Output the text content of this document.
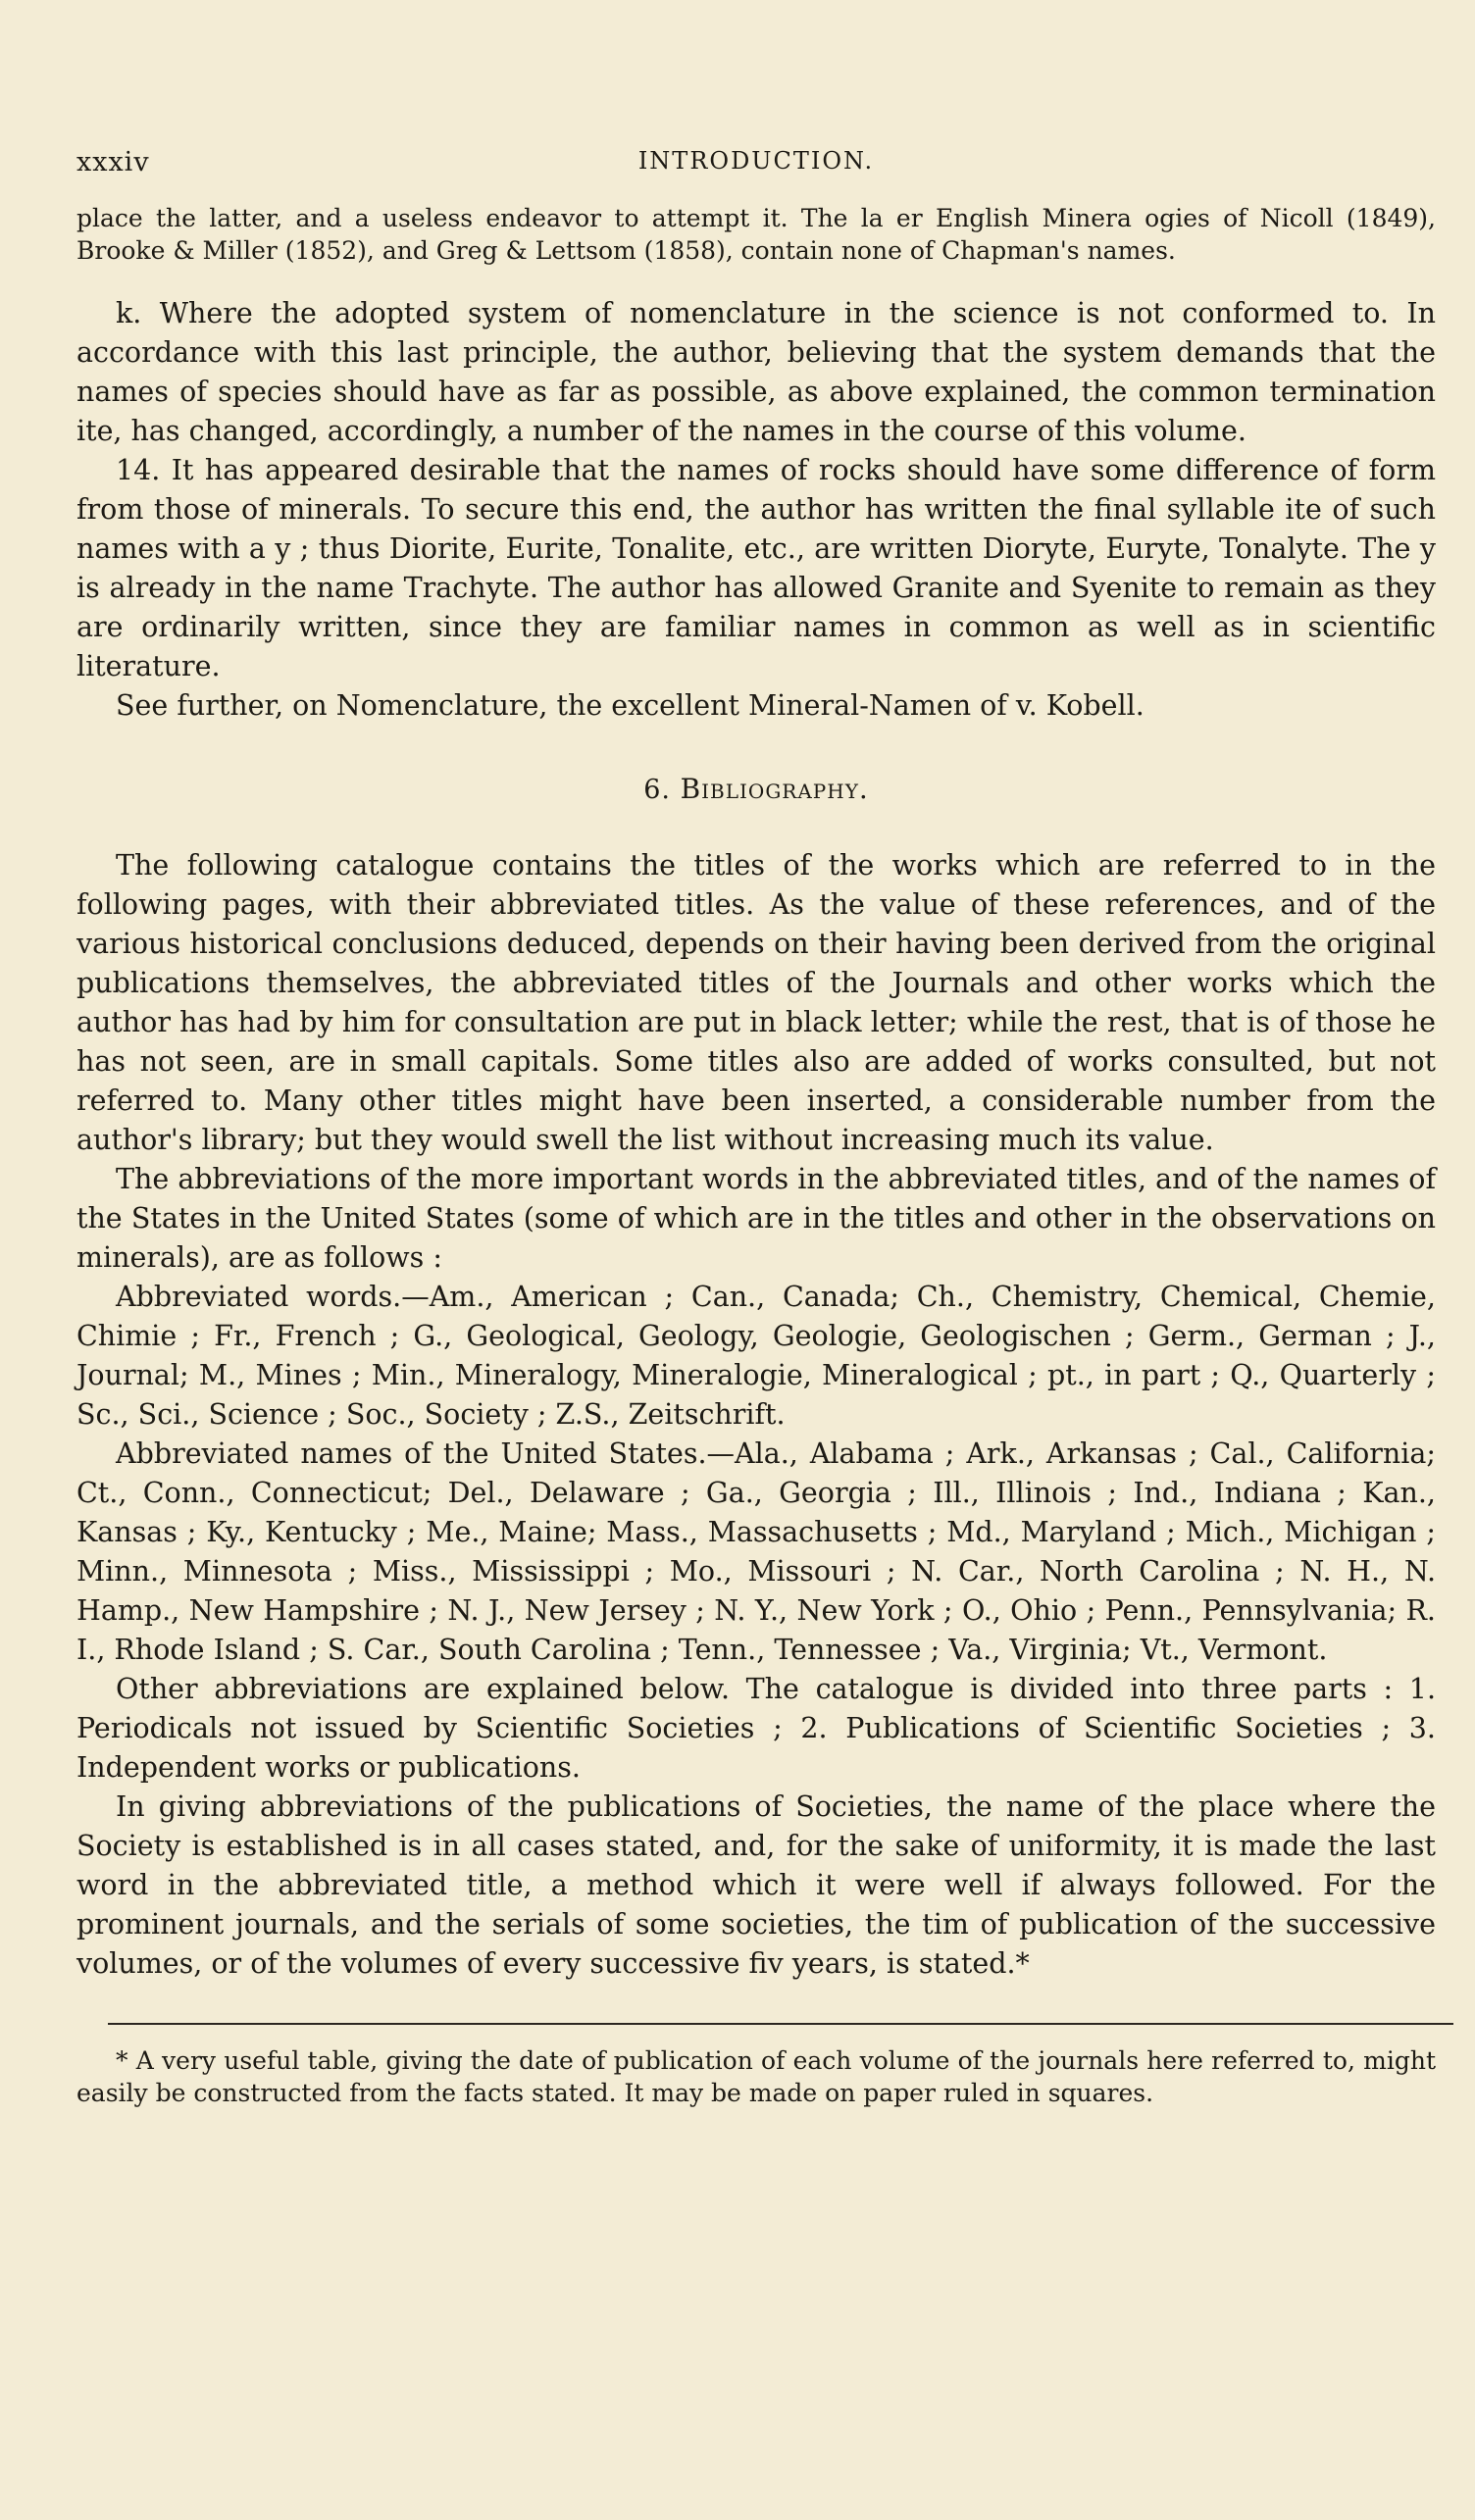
xxxiv	INTRODUCTION.

place the latter, and a useless endeavor to attempt it. The la er English Minera ogies of Nicoll (1849), Brooke & Miller (1852), and Greg & Lettsom (1858), contain none of Chapman's names.

k. Where the adopted system of nomenclature in the science is not conformed to. In accordance with this last principle, the author, believing that the system demands that the names of species should have as far as possible, as above explained, the common termination ite, has changed, accordingly, a number of the names in the course of this volume.

14. It has appeared desirable that the names of rocks should have some difference of form from those of minerals. To secure this end, the author has written the final syllable ite of such names with a y ; thus Diorite, Eurite, Tonalite, etc., are written Dioryte, Euryte, Tonalyte. The y is already in the name Trachyte. The author has allowed Granite and Syenite to remain as they are ordinarily written, since they are familiar names in common as well as in scientific literature.

See further, on Nomenclature, the excellent Mineral-Namen of v. Kobell.

6. Bibliography.

The following catalogue contains the titles of the works which are referred to in the following pages, with their abbreviated titles. As the value of these references, and of the various historical conclusions deduced, depends on their having been derived from the original publications themselves, the abbreviated titles of the Journals and other works which the author has had by him for consultation are put in black letter; while the rest, that is of those he has not seen, are in small capitals. Some titles also are added of works consulted, but not referred to. Many other titles might have been inserted, a considerable number from the author's library; but they would swell the list without increasing much its value.

The abbreviations of the more important words in the abbreviated titles, and of the names of the States in the United States (some of which are in the titles and other in the observations on minerals), are as follows :

Abbreviated words.—Am., American ; Can., Canada; Ch., Chemistry, Chemical, Chemie, Chimie ; Fr., French ; G., Geological, Geology, Geologie, Geologischen ; Germ., German ; J., Journal; M., Mines ; Min., Mineralogy, Mineralogie, Mineralogical ; pt., in part ; Q., Quarterly ; Sc., Sci., Science ; Soc., Society ; Z.S., Zeitschrift.

Abbreviated names of the United States.—Ala., Alabama ; Ark., Arkansas ; Cal., California; Ct., Conn., Connecticut; Del., Delaware ; Ga., Georgia ; Ill., Illinois ; Ind., Indiana ; Kan., Kansas ; Ky., Kentucky ; Me., Maine; Mass., Massachusetts ; Md., Maryland ; Mich., Michigan ; Minn., Minnesota ; Miss., Mississippi ; Mo., Missouri ; N. Car., North Carolina ; N. H., N. Hamp., New Hampshire ; N. J., New Jersey ; N. Y., New York ; O., Ohio ; Penn., Pennsylvania; R. I., Rhode Island ; S. Car., South Carolina ; Tenn., Tennessee ; Va., Virginia; Vt., Vermont.

Other abbreviations are explained below. The catalogue is divided into three parts : 1. Periodicals not issued by Scientific Societies ; 2. Publications of Scientific Societies ; 3. Independent works or publications.

In giving abbreviations of the publications of Societies, the name of the place where the Society is established is in all cases stated, and, for the sake of uniformity, it is made the last word in the abbreviated title, a method which it were well if always followed. For the prominent journals, and the serials of some societies, the tim of publication of the successive volumes, or of the volumes of every successive fiv years, is stated.*

* A very useful table, giving the date of publication of each volume of the journals here referred to, might easily be constructed from the facts stated. It may be made on paper ruled in squares.
